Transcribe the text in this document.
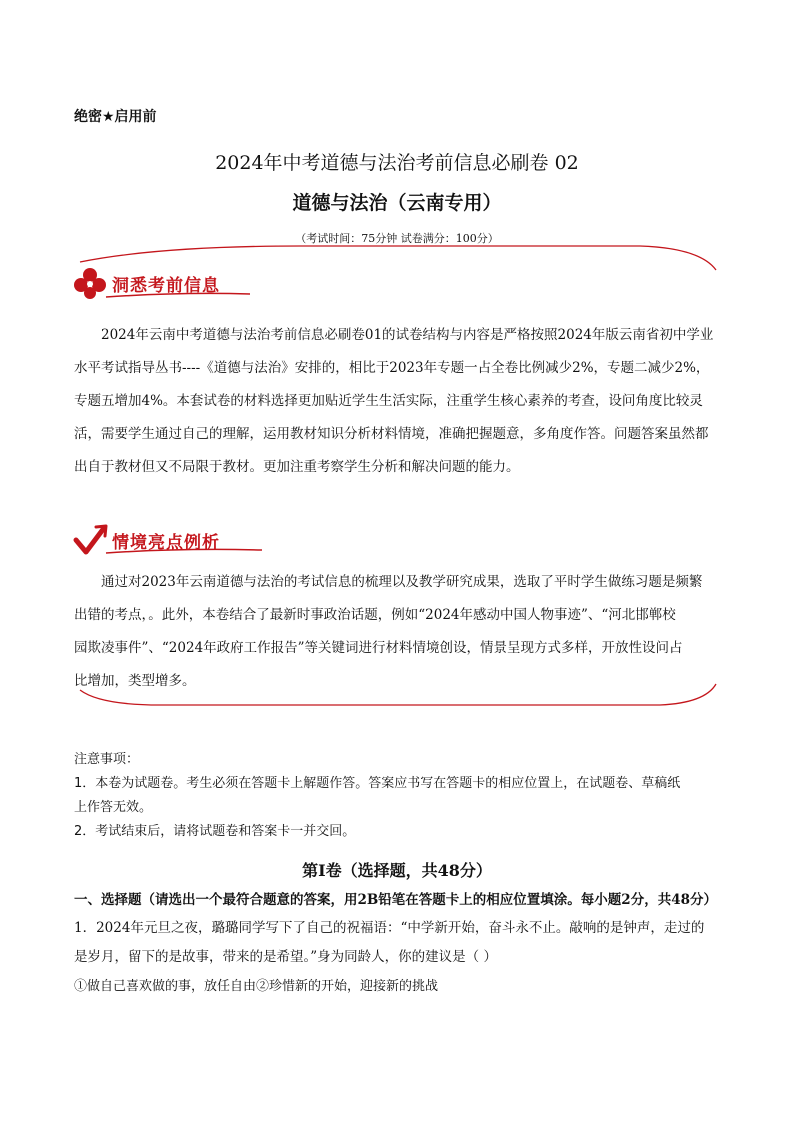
绝密★启用前
2024年中考道德与法治考前信息必刷卷 02
道德与法治（云南专用）
（考试时间：75分钟 试卷满分：100分）
洞悉考前信息
2024年云南中考道德与法治考前信息必刷卷01的试卷结构与内容是严格按照2024年版云南省初中学业
水平考试指导丛书----《道德与法治》安排的，相比于2023年专题一占全卷比例减少2%，专题二减少2%，
专题五增加4%。本套试卷的材料选择更加贴近学生生活实际，注重学生核心素养的考查，设问角度比较灵
活，需要学生通过自己的理解，运用教材知识分析材料情境，准确把握题意，多角度作答。问题答案虽然都
出自于教材但又不局限于教材。更加注重考察学生分析和解决问题的能力。
情境亮点例析
通过对2023年云南道德与法治的考试信息的梳理以及教学研究成果，选取了平时学生做练习题是频繁
出错的考点，。此外，本卷结合了最新时事政治话题，例如“2024年感动中国人物事迹”、“河北邯郸校
园欺凌事件”、“2024年政府工作报告”等关键词进行材料情境创设，情景呈现方式多样，开放性设问占
比增加，类型增多。
注意事项：
1．本卷为试题卷。考生必须在答题卡上解题作答。答案应书写在答题卡的相应位置上，在试题卷、草稿纸
上作答无效。
2．考试结束后，请将试题卷和答案卡一并交回。
第Ⅰ卷（选择题，共48分）
一、选择题（请选出一个最符合题意的答案，用2B铅笔在答题卡上的相应位置填涂。每小题2分，共48分）
1．2024年元旦之夜，璐璐同学写下了自己的祝福语：“中学新开始，奋斗永不止。敲响的是钟声，走过的
是岁月，留下的是故事，带来的是希望。”身为同龄人，你的建议是（ ）
①做自己喜欢做的事，放任自由②珍惜新的开始，迎接新的挑战
